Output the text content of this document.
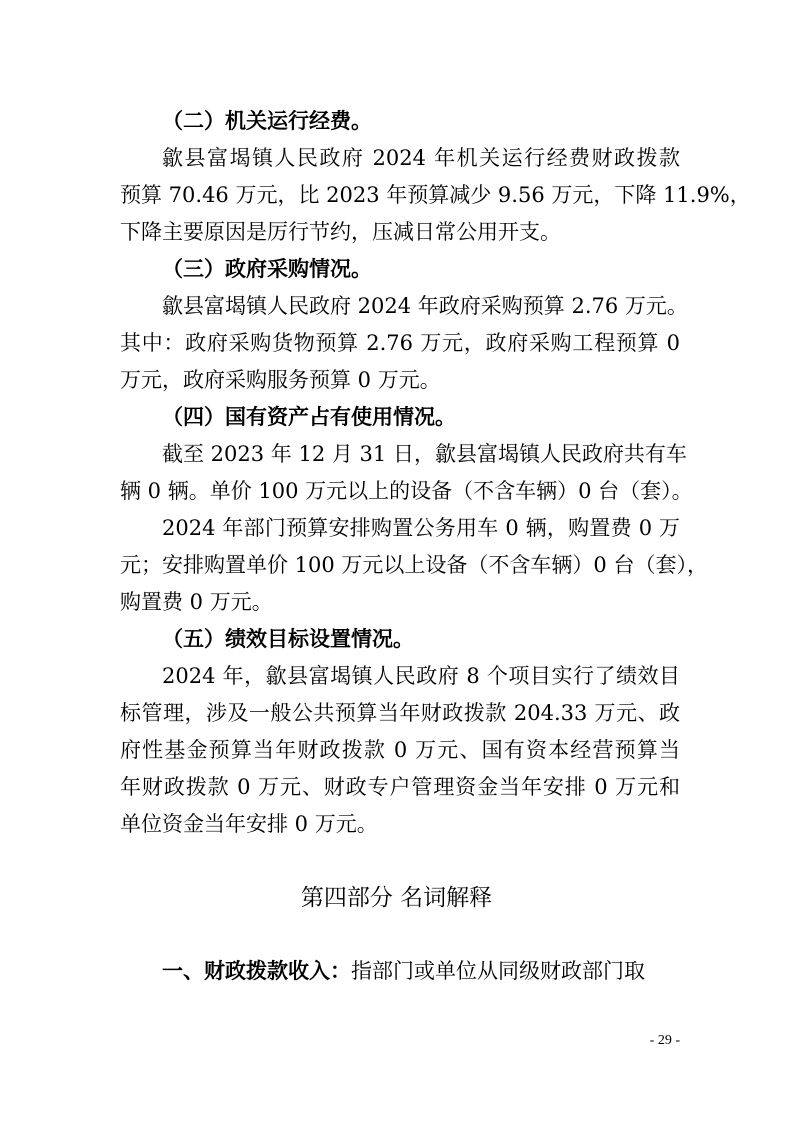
（二）机关运行经费。
歙县富堨镇人民政府 2024 年机关运行经费财政拨款
预算 70.46 万元，比 2023 年预算减少 9.56 万元，下降 11.9%，
下降主要原因是厉行节约，压减日常公用开支。
（三）政府采购情况。
歙县富堨镇人民政府 2024 年政府采购预算 2.76 万元。
其中：政府采购货物预算 2.76 万元，政府采购工程预算 0
万元，政府采购服务预算 0 万元。
（四）国有资产占有使用情况。
截至 2023 年 12 月 31 日，歙县富堨镇人民政府共有车
辆 0 辆。单价 100 万元以上的设备（不含车辆）0 台（套）。
2024 年部门预算安排购置公务用车 0 辆，购置费 0 万
元；安排购置单价 100 万元以上设备（不含车辆）0 台（套），
购置费 0 万元。
（五）绩效目标设置情况。
2024 年，歙县富堨镇人民政府 8 个项目实行了绩效目
标管理，涉及一般公共预算当年财政拨款 204.33 万元、政
府性基金预算当年财政拨款 0 万元、国有资本经营预算当
年财政拨款 0 万元、财政专户管理资金当年安排 0 万元和
单位资金当年安排 0 万元。
第四部分 名词解释
一、财政拨款收入：指部门或单位从同级财政部门取
- 29 -
